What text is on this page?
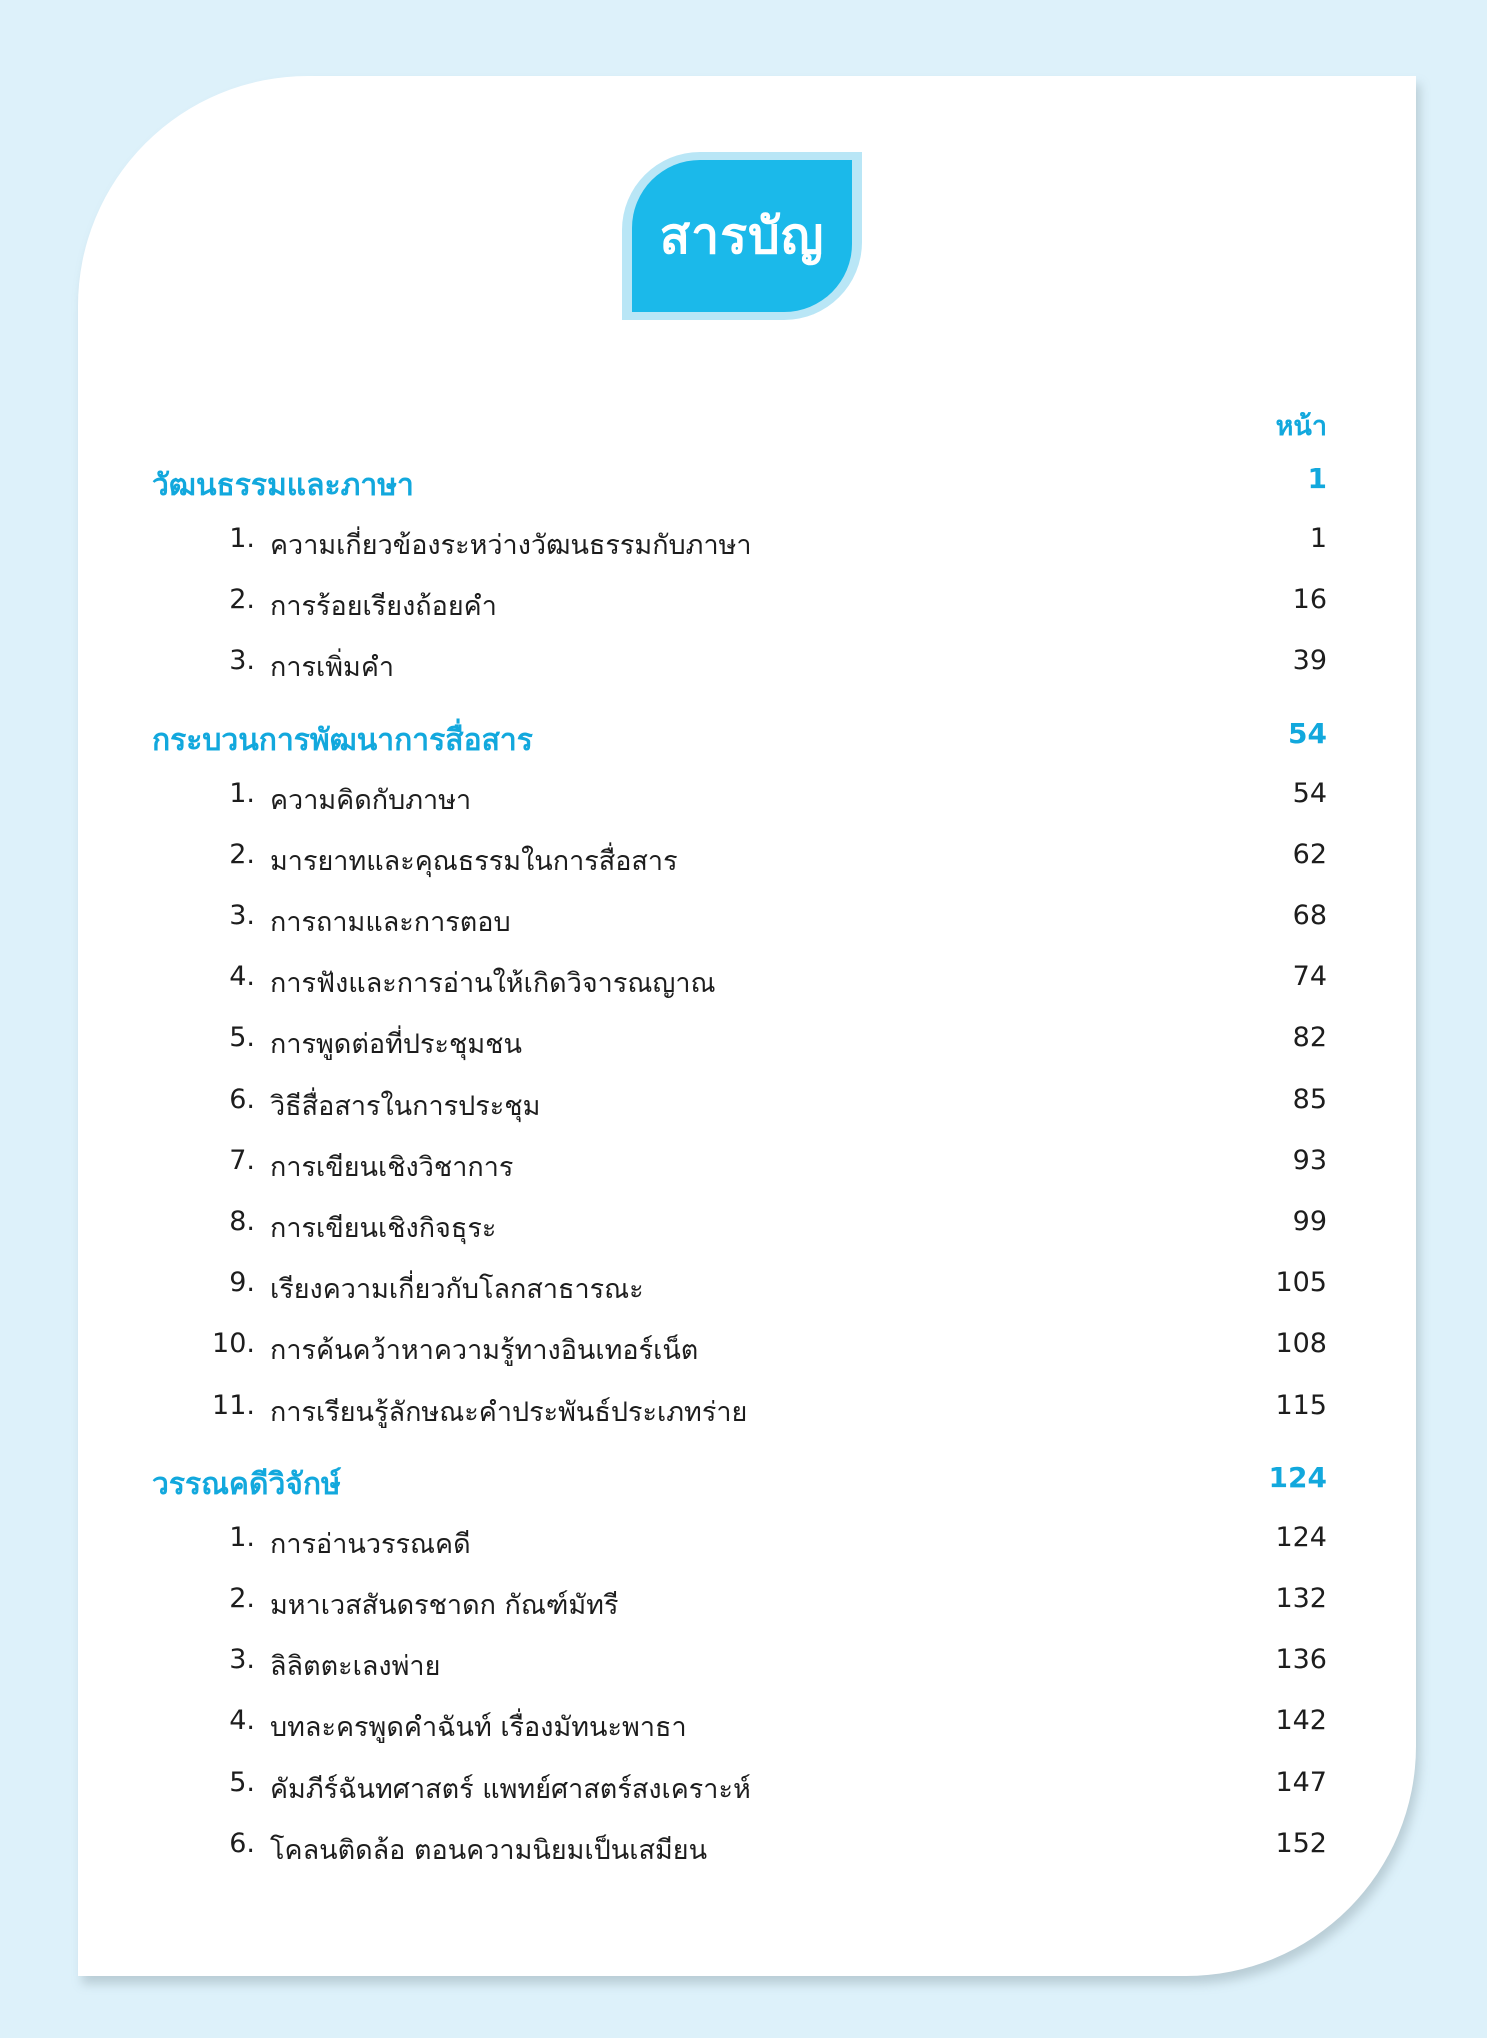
สารบัญ
หน้า
วัฒนธรรมและภาษา	1
1. ความเกี่ยวข้องระหว่างวัฒนธรรมกับภาษา	1
2. การร้อยเรียงถ้อยคำ	16
3. การเพิ่มคำ	39
กระบวนการพัฒนาการสื่อสาร	54
1. ความคิดกับภาษา	54
2. มารยาทและคุณธรรมในการสื่อสาร	62
3. การถามและการตอบ	68
4. การฟังและการอ่านให้เกิดวิจารณญาณ	74
5. การพูดต่อที่ประชุมชน	82
6. วิธีสื่อสารในการประชุม	85
7. การเขียนเชิงวิชาการ	93
8. การเขียนเชิงกิจธุระ	99
9. เรียงความเกี่ยวกับโลกสาธารณะ	105
10. การค้นคว้าหาความรู้ทางอินเทอร์เน็ต	108
11. การเรียนรู้ลักษณะคำประพันธ์ประเภทร่าย	115
วรรณคดีวิจักษ์	124
1. การอ่านวรรณคดี	124
2. มหาเวสสันดรชาดก กัณฑ์มัทรี	132
3. ลิลิตตะเลงพ่าย	136
4. บทละครพูดคำฉันท์ เรื่องมัทนะพาธา	142
5. คัมภีร์ฉันทศาสตร์ แพทย์ศาสตร์สงเคราะห์	147
6. โคลนติดล้อ ตอนความนิยมเป็นเสมียน	152
